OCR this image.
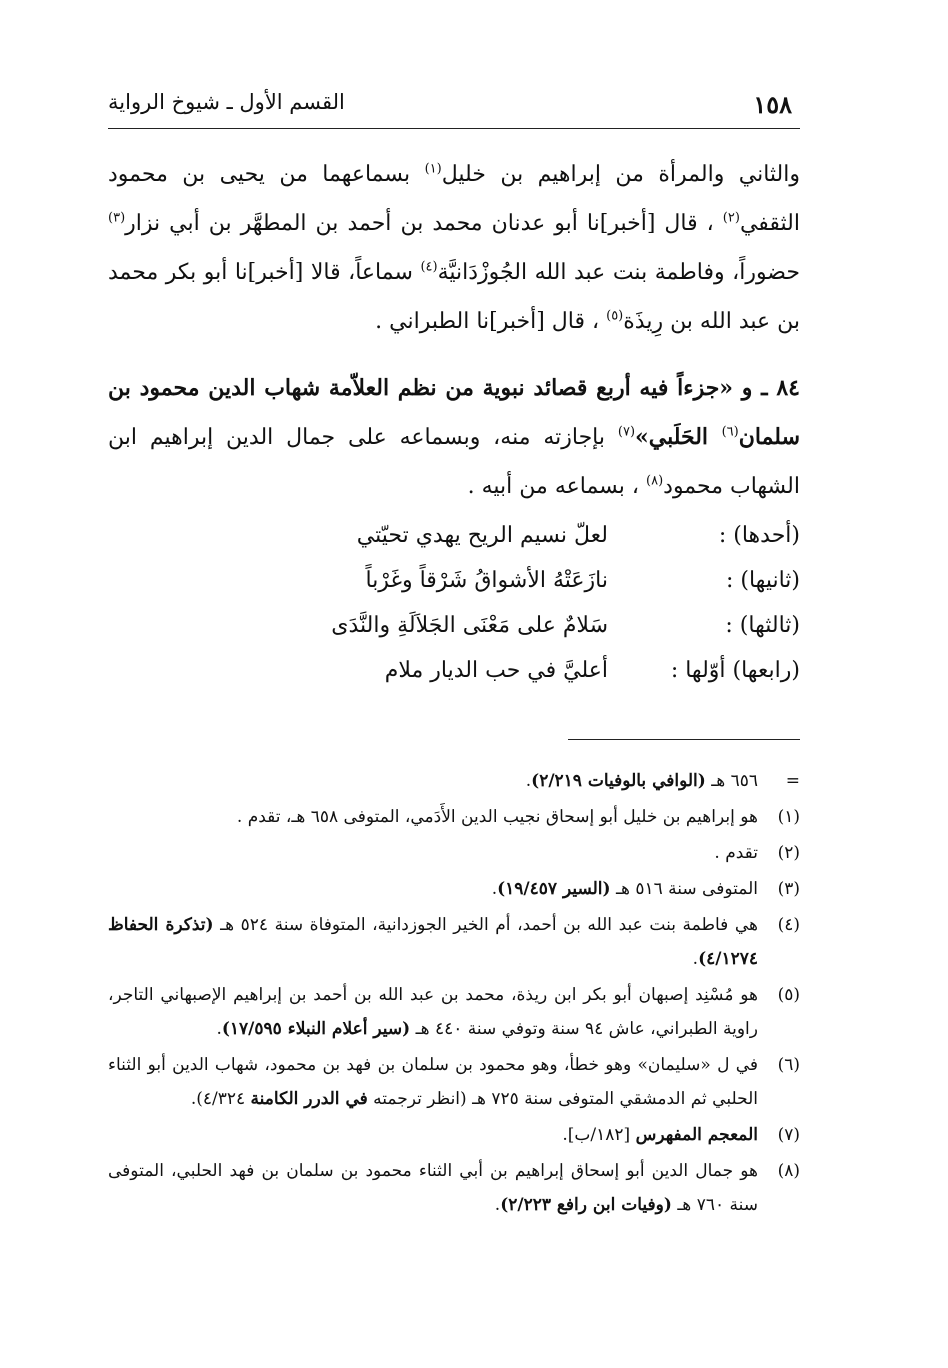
١٥٨
القسم الأول ـ شيوخ الرواية

والثاني والمرأة من إبراهيم بن خليل$^{(١)}$ بسماعهما من يحيى بن محمود الثقفي$^{(٢)}$ ، قال [أخبر]نا أبو عدنان محمد بن أحمد بن المطهَّر بن أبي نزار$^{(٣)}$ حضوراً، وفاطمة بنت عبد الله الجُوزْدَانيَّة$^{(٤)}$ سماعاً، قالا [أخبر]نا أبو بكر محمد بن عبد الله بن رِيذَة$^{(٥)}$ ، قال [أخبر]نا الطبراني .

٨٤ ـ و «جزءاً فيه أربع قصائد نبوية من نظم العلاّمة شهاب الدين محمود بن سلمان$^{(٦)}$ الحَلَبي»$^{(٧)}$ بإجازته منه، وبسماعه على جمال الدين إبراهيم ابن الشهاب محمود$^{(٨)}$ ، بسماعه من أبيه .

(أحدها) :
لعلّ نسيم الريح يهدي تحيّتي
(ثانيها) :
نازَعَتْهُ الأشواقُ شَرْقاً وغَرْباً
(ثالثها) :
سَلامٌ على مَعْنَى الجَلاَلَةِ والنَّدَى
(رابعها) أوّلها :
أعليَّ في حب الديار ملام
=
٦٥٦ هـ (الوافي بالوفيات ٢/٢١٩).
(١)
هو إبراهيم بن خليل أبو إسحاق نجيب الدين الأَدَمي، المتوفى ٦٥٨ هـ، تقدم .
(٢)
تقدم .
(٣)
المتوفى سنة ٥١٦ هـ (السير ١٩/٤٥٧).
(٤)
هي فاطمة بنت عبد الله بن أحمد، أم الخير الجوزدانية، المتوفاة سنة ٥٢٤ هـ (تذكرة الحفاظ ٤/١٢٧٤).
(٥)
هو مُسْنِد إصبهان أبو بكر ابن ريذة، محمد بن عبد الله بن أحمد بن إبراهيم الإصبهاني التاجر، راوية الطبراني، عاش ٩٤ سنة وتوفي سنة ٤٤٠ هـ (سير أعلام النبلاء ١٧/٥٩٥).
(٦)
في ل «سليمان» وهو خطأ، وهو محمود بن سلمان بن فهد بن محمود، شهاب الدين أبو الثناء الحلبي ثم الدمشقي المتوفى سنة ٧٢٥ هـ (انظر ترجمته في الدرر الكامنة ٤/٣٢٤).
(٧)
المعجم المفهرس [١٨٢/ب].
(٨)
هو جمال الدين أبو إسحاق إبراهيم بن أبي الثناء محمود بن سلمان بن فهد الحلبي، المتوفى سنة ٧٦٠ هـ (وفيات ابن رافع ٢/٢٢٣).
